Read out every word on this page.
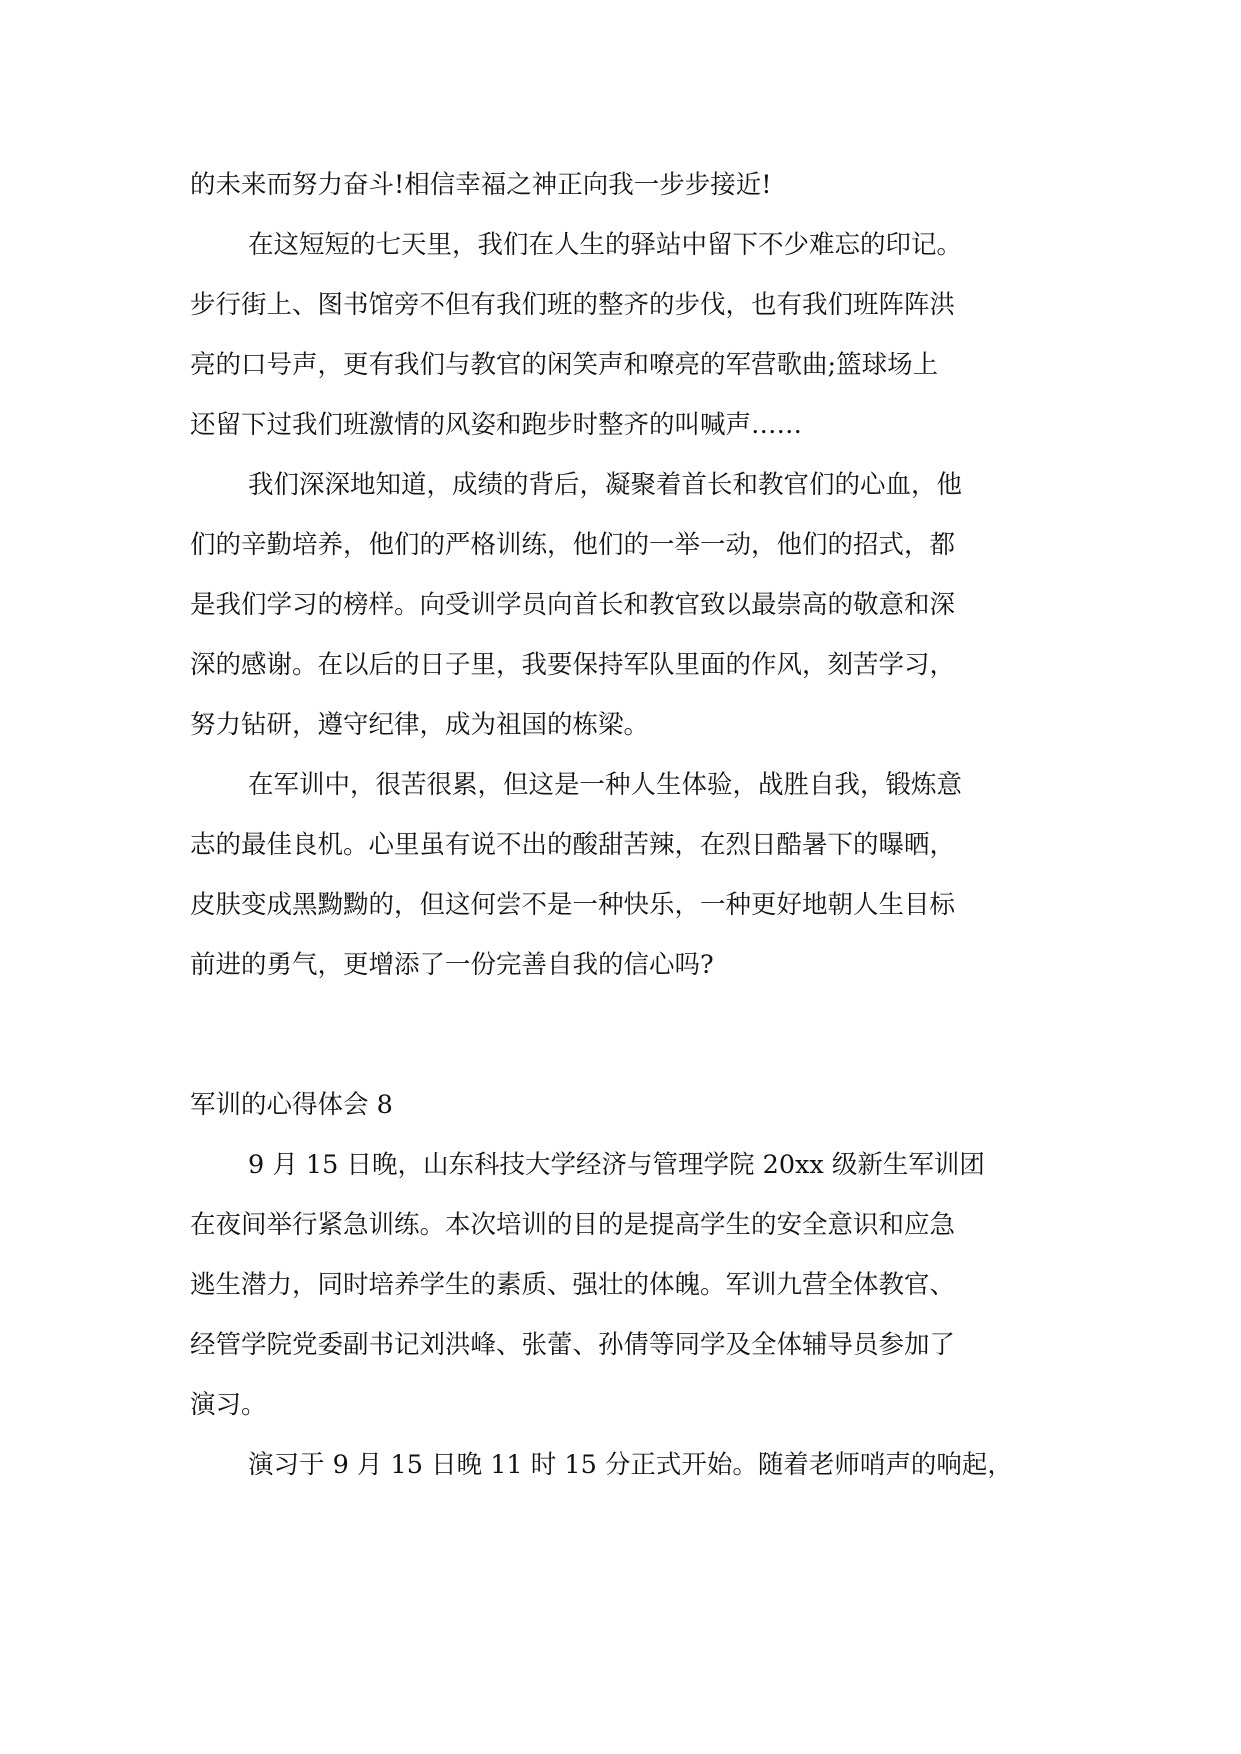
的未来而努力奋斗!相信幸福之神正向我一步步接近!
在这短短的七天里，我们在人生的驿站中留下不少难忘的印记。
步行街上、图书馆旁不但有我们班的整齐的步伐，也有我们班阵阵洪
亮的口号声，更有我们与教官的闲笑声和嘹亮的军营歌曲;篮球场上
还留下过我们班激情的风姿和跑步时整齐的叫喊声……
我们深深地知道，成绩的背后，凝聚着首长和教官们的心血，他
们的辛勤培养，他们的严格训练，他们的一举一动，他们的招式，都
是我们学习的榜样。向受训学员向首长和教官致以最崇高的敬意和深
深的感谢。在以后的日子里，我要保持军队里面的作风，刻苦学习，
努力钻研，遵守纪律，成为祖国的栋梁。
在军训中，很苦很累，但这是一种人生体验，战胜自我，锻炼意
志的最佳良机。心里虽有说不出的酸甜苦辣，在烈日酷暑下的曝晒，
皮肤变成黑黝黝的，但这何尝不是一种快乐，一种更好地朝人生目标
前进的勇气，更增添了一份完善自我的信心吗?
军训的心得体会 8
9 月 15 日晚，山东科技大学经济与管理学院 20xx 级新生军训团
在夜间举行紧急训练。本次培训的目的是提高学生的安全意识和应急
逃生潜力，同时培养学生的素质、强壮的体魄。军训九营全体教官、
经管学院党委副书记刘洪峰、张蕾、孙倩等同学及全体辅导员参加了
演习。
演习于 9 月 15 日晚 11 时 15 分正式开始。随着老师哨声的响起，
